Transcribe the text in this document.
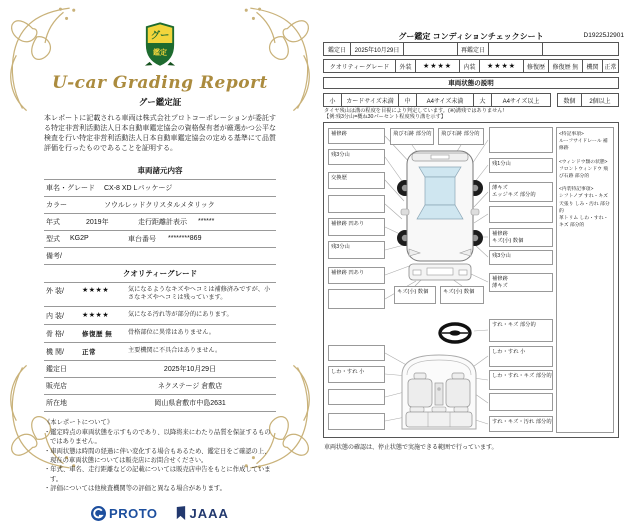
グー
鑑定
U-car Grading Report
グー鑑定証
本レポートに記載される車両は株式会社プロトコーポレーションが委託する特定非営利活動法人日本自動車鑑定協会の資格保有者が厳選かつ公平な検査を行い特定非営利活動法人日本自動車鑑定協会の定める基準にて品質評価を行ったものであることを証明する。
車両諸元内容
車名・グレード	CX-8 XD Lパッケージ
カラー	ソウルレッドクリスタルメタリック
年式	2019年	走行距離計表示	******
型式	KG2P	車台番号	********869
備考/
クオリティーグレード
外 装/	★★★★	気になるようなキズやヘコミは補修済みですが、小さなキズやヘコミは残っています。
内 装/	★★★★	気になる汚れ等が部分的にあります。
骨 格/	修復歴 無	骨格部位に異常はありません。
機 関/	正常	主要機関に不具合はありません。
鑑定日	2025年10月29日
販売店	ネクステージ 倉敷店
所在地	岡山県倉敷市中島2631
《本レポートについて》
・鑑定時点の車両状態を示すものであり、以降将来にわたり品質を保証するものではありません。
・車両状態は時間の経過に伴い変化する場合もあるため、鑑定日をご確認の上、現在の車両状態については販売店にお問合せください。
・年式、車名、走行距離などの記載については販売店申告をもとに作成しています。
・評価については他検査機関等の評価と異なる場合があります。
PROTO JAAA
グー鑑定 コンディションチェックシート	D19225J2901
鑑定日	2025年10月29日	再鑑定日
クオリティーグレード	外装	★★★★	内装	★★★★	修復歴	修復歴 無	機関 正常
車両状態の説明
小	カードサイズ未満	中	A4サイズ未満	大	A4サイズ以上	数個	2個以上
タイヤ残山は溝の程度を目視により判定しています。(※)溝残ではありません!
【例:残3分山=概ね30パーセント程度残り溝を示す】
飛び石跡 部分的 飛び石跡 部分的
補修跡
残3分山
交換歴
補修跡 凹あり
残3分山
補修跡 凹あり
残1分山
薄キズ
エッジキズ 部分的
補修跡
キズ(小) 数個
残3分山
補修跡
薄キズ
キズ(小) 数個	キズ(小) 数個
しわ・すれ 小
すれ・キズ 部分的
しわ・すれ 小
しわ・すれ・キズ 部分的
すれ・キズ・汚れ 部分的
<特記事項>
ルーフサイドレール 補修跡
<ウィンドウ類の状態>
フロントウィンドウ 飛び石跡 部分的
<内装特記事項>
シフトノブ すれ・キズ
天張り しみ・汚れ 部分的
革トリム しわ・すれ・キズ 部分的
車両状態の確認は、停止状態で実施できる範囲で行っています。
